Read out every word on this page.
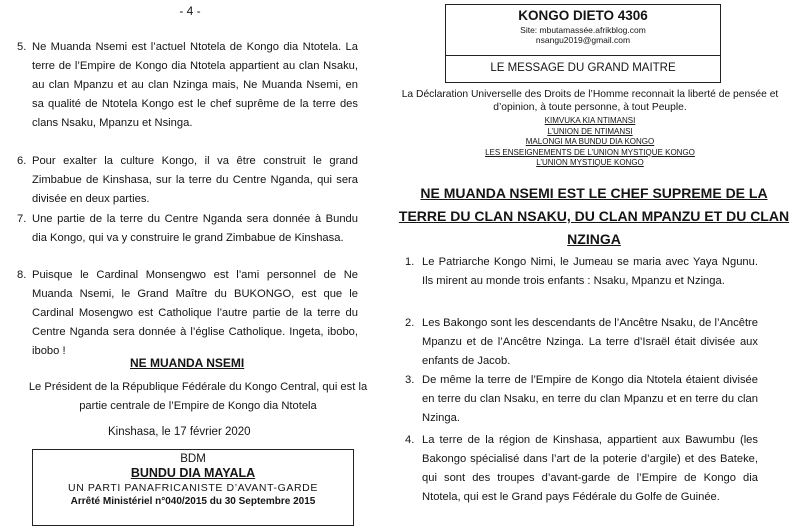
- 4 -
5. Ne Muanda Nsemi est l’actuel Ntotela de Kongo dia Ntotela. La terre de l’Empire de Kongo dia Ntotela appartient au clan Nsaku, au clan Mpanzu et au clan Nzinga mais, Ne Muanda Nsemi, en sa qualité de Ntotela Kongo est le chef suprême de la terre des clans Nsaku, Mpanzu et Nsinga.
6. Pour exalter la culture Kongo, il va être construit le grand Zimbabue de Kinshasa, sur la terre du Centre Nganda, qui sera divisée en deux parties.
7. Une partie de la terre du Centre Nganda sera donnée à Bundu dia Kongo, qui va y construire le grand Zimbabue de Kinshasa.
8. Puisque le Cardinal Monsengwo est l’ami personnel de Ne Muanda Nsemi, le Grand Maître du BUKONGO, est que le Cardinal Mosengwo est Catholique l’autre partie de la terre du Centre Nganda sera donnée à l’église Catholique. Ingeta, ibobo, ibobo !
NE MUANDA NSEMI
Le Président de la République Fédérale du Kongo Central, qui est la partie centrale de l’Empire de Kongo dia Ntotela
Kinshasa, le 17 février 2020
BDM
BUNDU DIA MAYALA
UN PARTI PANAFRICANISTE D’AVANT-GARDE
Arrêté Ministériel n°040/2015 du 30 Septembre 2015
KONGO DIETO 4306
Site: mbutamassée.afrikblog.com
nsangu2019@gmail.com
LE MESSAGE DU GRAND MAITRE
La Déclaration Universelle des Droits de l’Homme reconnait la liberté de pensée et d’opinion, à toute personne, à tout Peuple.
KIMVUKA KIA NTIMANSI
L’UNION DE NTIMANSI
MALONGI MA BUNDU DIA KONGO
LES ENSEIGNEMENTS DE L’UNION MYSTIQUE KONGO
L’UNION MYSTIQUE KONGO
NE MUANDA NSEMI EST LE CHEF SUPREME DE LA TERRE DU CLAN NSAKU, DU CLAN MPANZU ET DU CLAN NZINGA
1. Le Patriarche Kongo Nimi, le Jumeau se maria avec Yaya Ngunu. Ils mirent au monde trois enfants : Nsaku, Mpanzu et Nzinga.
2. Les Bakongo sont les descendants de l’Ancêtre Nsaku, de l’Ancêtre Mpanzu et de l’Ancêtre Nzinga. La terre d’Israël était divisée aux enfants de Jacob.
3. De même la terre de l’Empire de Kongo dia Ntotela étaient divisée en terre du clan Nsaku, en terre du clan Mpanzu et en terre du clan Nzinga.
4. La terre de la région de Kinshasa, appartient aux Bawumbu (les Bakongo spécialisé dans l’art de la poterie d’argile) et des Bateke, qui sont des troupes d’avant-garde de l’Empire de Kongo dia Ntotela, qui est le Grand pays Fédérale du Golfe de Guinée.
